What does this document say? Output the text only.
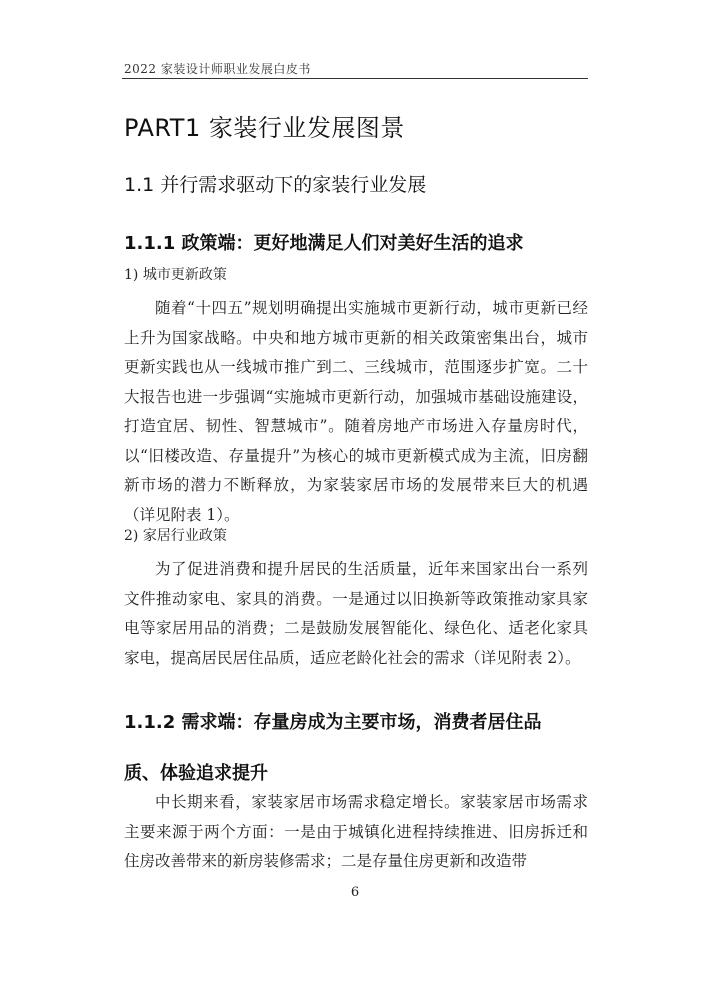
2022 家装设计师职业发展白皮书
PART1 家装行业发展图景
1.1 并行需求驱动下的家装行业发展
1.1.1 政策端：更好地满足人们对美好生活的追求
1) 城市更新政策

随着“十四五”规划明确提出实施城市更新行动，城市更新已经上升为国家战略。中央和地方城市更新的相关政策密集出台，城市更新实践也从一线城市推广到二、三线城市，范围逐步扩宽。二十大报告也进一步强调“实施城市更新行动，加强城市基础设施建设，打造宜居、韧性、智慧城市”。随着房地产市场进入存量房时代，以“旧楼改造、存量提升”为核心的城市更新模式成为主流，旧房翻新市场的潜力不断释放，为家装家居市场的发展带来巨大的机遇（详见附表 1）。

2) 家居行业政策

为了促进消费和提升居民的生活质量，近年来国家出台一系列文件推动家电、家具的消费。一是通过以旧换新等政策推动家具家电等家居用品的消费；二是鼓励发展智能化、绿色化、适老化家具家电，提高居民居住品质，适应老龄化社会的需求（详见附表 2）。

1.1.2 需求端：存量房成为主要市场，消费者居住品
质、体验追求提升

中长期来看，家装家居市场需求稳定增长。家装家居市场需求主要来源于两个方面：一是由于城镇化进程持续推进、旧房拆迁和住房改善带来的新房装修需求；二是存量住房更新和改造带

6
